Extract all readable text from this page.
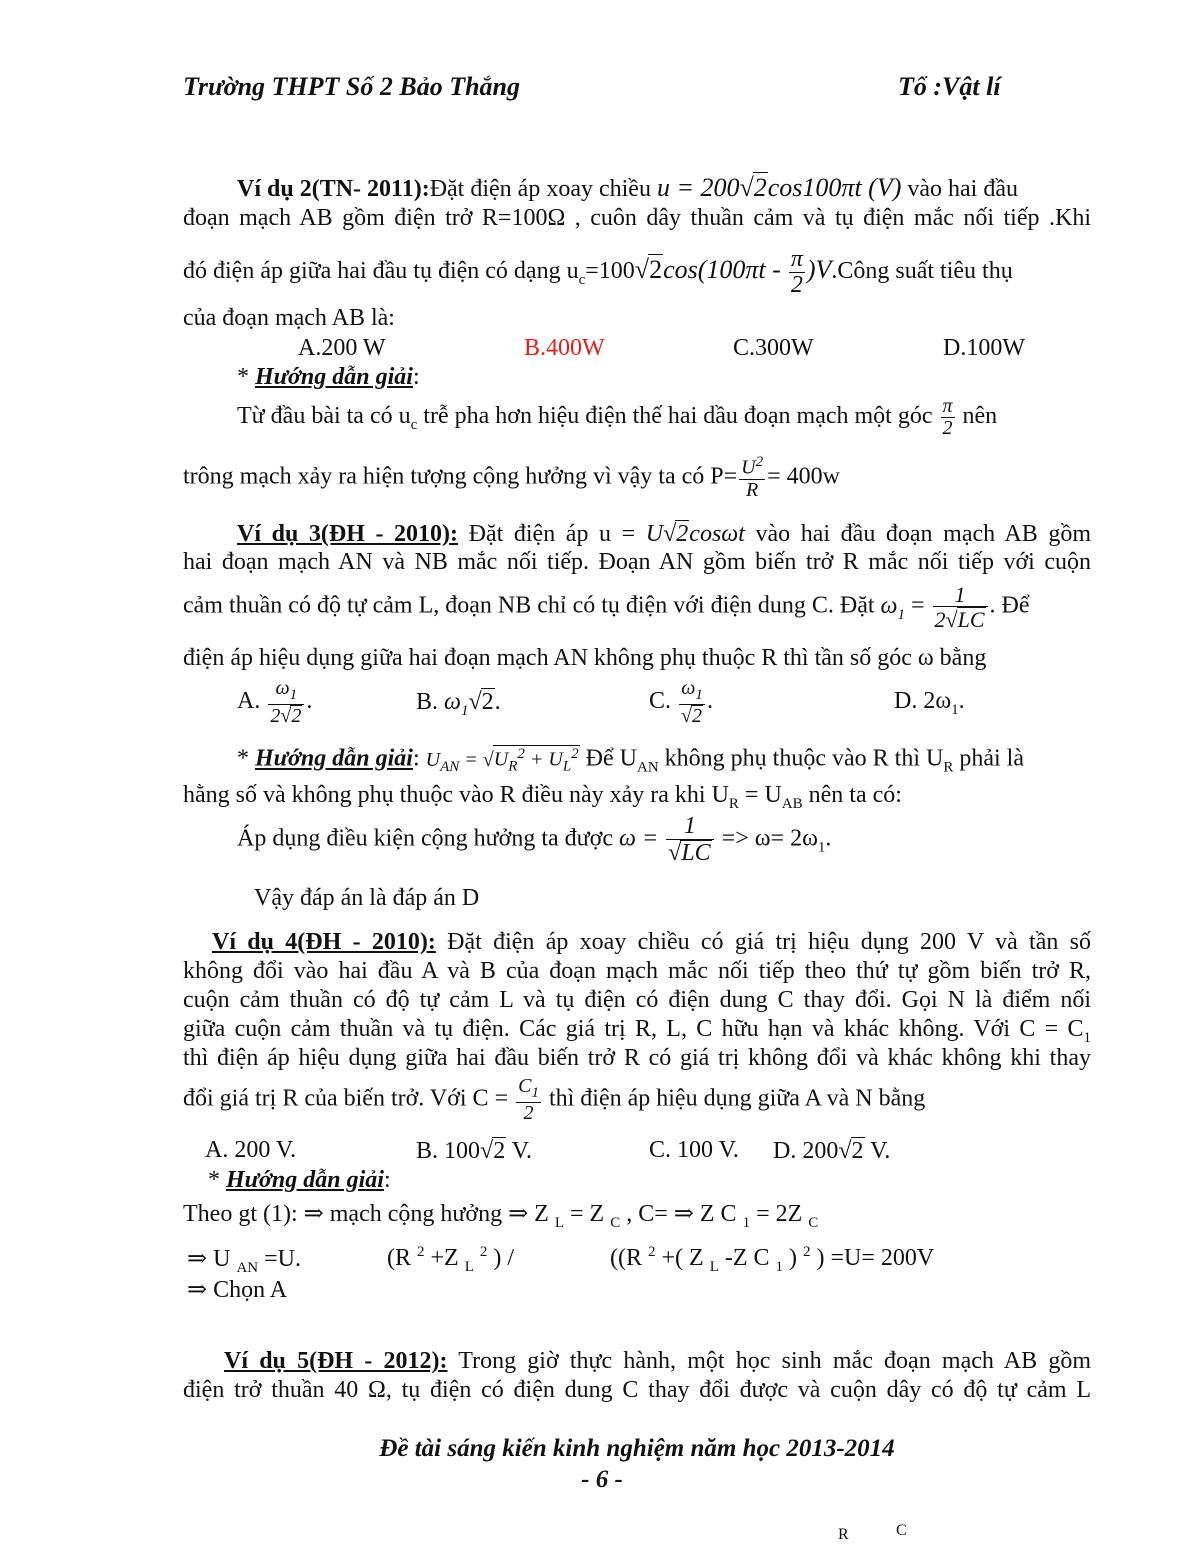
Trường THPT Số 2 Bảo Thắng	Tổ :Vật lí
Ví dụ 2(TN- 2011):Đặt điện áp xoay chiều u = 200√2cos100πt (V) vào hai đầu
đoạn mạch AB gồm điện trở R=100Ω , cuôn dây thuần cảm và tụ điện mắc nối tiếp .Khi
đó điện áp giữa hai đầu tụ điện có dạng $u_c=100√2\cos(100\pi t - \frac{\pi}{2}$ )V.Công suất tiêu thụ
của đoạn mạch AB là:
A.200 W	B.400W	C.300W	D.100W
* Hướng dẫn giải:
Từ đầu bài ta có $u_c$ trễ pha hơn hiệu điện thế hai dầu đoạn mạch một góc $\frac{\pi}{2}$ nên
trông mạch xảy ra hiện tượng cộng hưởng vì vậy ta có $P= \frac{U^2}{R} = 400w$
Ví dụ 3(ĐH - 2010): Đặt điện áp u = U√2cosωt vào hai đầu đoạn mạch AB gồm
hai đoạn mạch AN và NB mắc nối tiếp. Đoạn AN gồm biến trở R mắc nối tiếp với cuộn
cảm thuần có độ tự cảm L, đoạn NB chỉ có tụ điện với điện dung C. Đặt $\omega_1 = \frac{1}{2√LC}$ . Để
điện áp hiệu dụng giữa hai đoạn mạch AN không phụ thuộc R thì tần số góc ω bằng
A. $\frac{\omega_1}{2√2}$ .	B. $\omega_1√2$.	C. $\frac{\omega_1}{√2}$ .	D. $2\omega_1$.
* Hướng dẫn giải: $U_{AN} = √U_R^2 + U_L^2$ Để $U_{AN}$ không phụ thuộc vào R thì $U_R$ phải là
hằng số và không phụ thuộc vào R điều này xảy ra khi $U_R = U_{AB}$ nên ta có:
Áp dụng điều kiện cộng hưởng ta được $\omega = \frac{1}{√LC} => \omega= 2\omega_1$.
Vậy đáp án là đáp án D
Ví dụ 4(ĐH - 2010): Đặt điện áp xoay chiều có giá trị hiệu dụng 200 V và tần số
không đổi vào hai đầu A và B của đoạn mạch mắc nối tiếp theo thứ tự gồm biến trở R,
cuộn cảm thuần có độ tự cảm L và tụ điện có điện dung C thay đổi. Gọi N là điểm nối
giữa cuộn cảm thuần và tụ điện. Các giá trị R, L, C hữu hạn và khác không. Với $C = C_1$
thì điện áp hiệu dụng giữa hai đầu biến trở R có giá trị không đổi và khác không khi thay
đổi giá trị R của biến trở. Với $C = \frac{C_1}{2}$ thì điện áp hiệu dụng giữa A và N bằng
A. 200 V.	B. 100√2 V.	C. 100 V. D. 200√2 V.
* Hướng dẫn giải:
Theo gt (1): ⇒ mạch cộng hưởng ⇒ Z $_L$ = Z $_C$ , C= ⇒ Z C $_1$ = 2Z $_C$
⇒ U $_{AN}$ =U.	(R $^2$ +Z $_L$ $^2$ ) /	((R $^2$ +( Z $_L$ -Z C $_1$ ) $^2$ ) =U= 200V
⇒ Chọn A
Ví dụ 5(ĐH - 2012): Trong giờ thực hành, một học sinh mắc đoạn mạch AB gồm
điện trở thuần 40 Ω, tụ điện có điện dung C thay đổi được và cuộn dây có độ tự cảm L
Đề tài sáng kiến kinh nghiệm năm học 2013-2014
- 6 -
R	C
